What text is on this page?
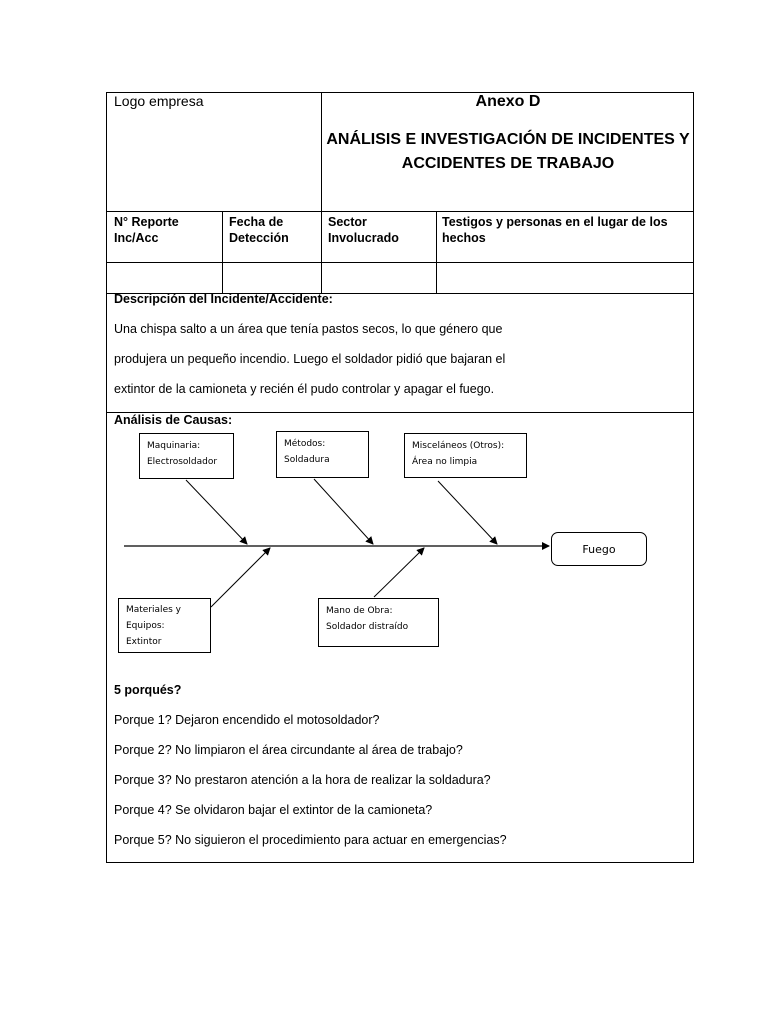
Logo empresa	Anexo D
ANÁLISIS E INVESTIGACIÓN DE INCIDENTES Y ACCIDENTES DE TRABAJO
N° Reporte Inc/Acc
Fecha de Detección
Sector Involucrado
Testigos y personas en el lugar de los hechos
Descripción del Incidente/Accidente:
Una chispa salto a un área que tenía pastos secos, lo que género que
produjera un pequeño incendio. Luego el soldador pidió que bajaran el
extintor de la camioneta y recién él pudo controlar y apagar el fuego.
Análisis de Causas:
Maquinaria:
Electrosoldador
Métodos:
Soldadura
Misceláneos (Otros):
Área no limpia
Materiales y
Equipos:
Extintor
Mano de Obra:
Soldador distraído
Fuego
5 porqués?
Porque 1? Dejaron encendido el motosoldador?
Porque 2? No limpiaron el área circundante al área de trabajo?
Porque 3? No prestaron atención a la hora de realizar la soldadura?
Porque 4? Se olvidaron bajar el extintor de la camioneta?
Porque 5? No siguieron el procedimiento para actuar en emergencias?
